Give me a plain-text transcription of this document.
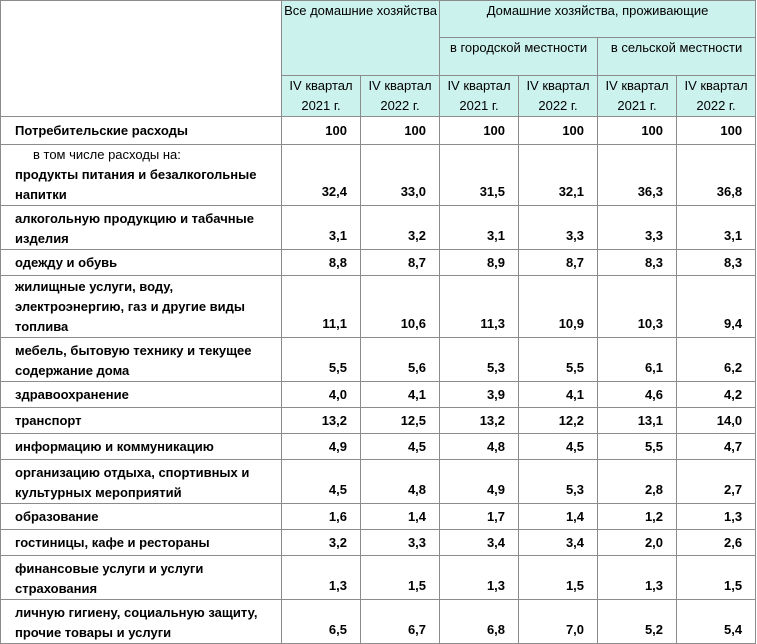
	Все домашние хозяйства		Домашние хозяйства, проживающие			
			в городской местности		в сельской местности	
	IV квартал 2021 г.	IV квартал 2022 г.	IV квартал 2021 г.	IV квартал 2022 г.	IV квартал 2021 г.	IV квартал 2022 г.
Потребительские расходы	100	100	100	100	100	100

в том числе расходы на:
продукты питания и безалкогольные напитки	32,4	33,0	31,5	32,1	36,3	36,8
алкогольную продукцию и табачные изделия	3,1	3,2	3,1	3,3	3,3	3,1
одежду и обувь	8,8	8,7	8,9	8,7	8,3	8,3
жилищные услуги, воду, электроэнергию, газ и другие виды топлива	11,1	10,6	11,3	10,9	10,3	9,4
мебель, бытовую технику и текущее содержание дома	5,5	5,6	5,3	5,5	6,1	6,2
здравоохранение	4,0	4,1	3,9	4,1	4,6	4,2
транспорт	13,2	12,5	13,2	12,2	13,1	14,0
информацию и коммуникацию	4,9	4,5	4,8	4,5	5,5	4,7
организацию отдыха, спортивных и культурных мероприятий	4,5	4,8	4,9	5,3	2,8	2,7
образование	1,6	1,4	1,7	1,4	1,2	1,3
гостиницы, кафе и рестораны	3,2	3,3	3,4	3,4	2,0	2,6
финансовые услуги и услуги страхования	1,3	1,5	1,3	1,5	1,3	1,5
личную гигиену, социальную защиту, прочие товары и услуги	6,5	6,7	6,8	7,0	5,2	5,4
